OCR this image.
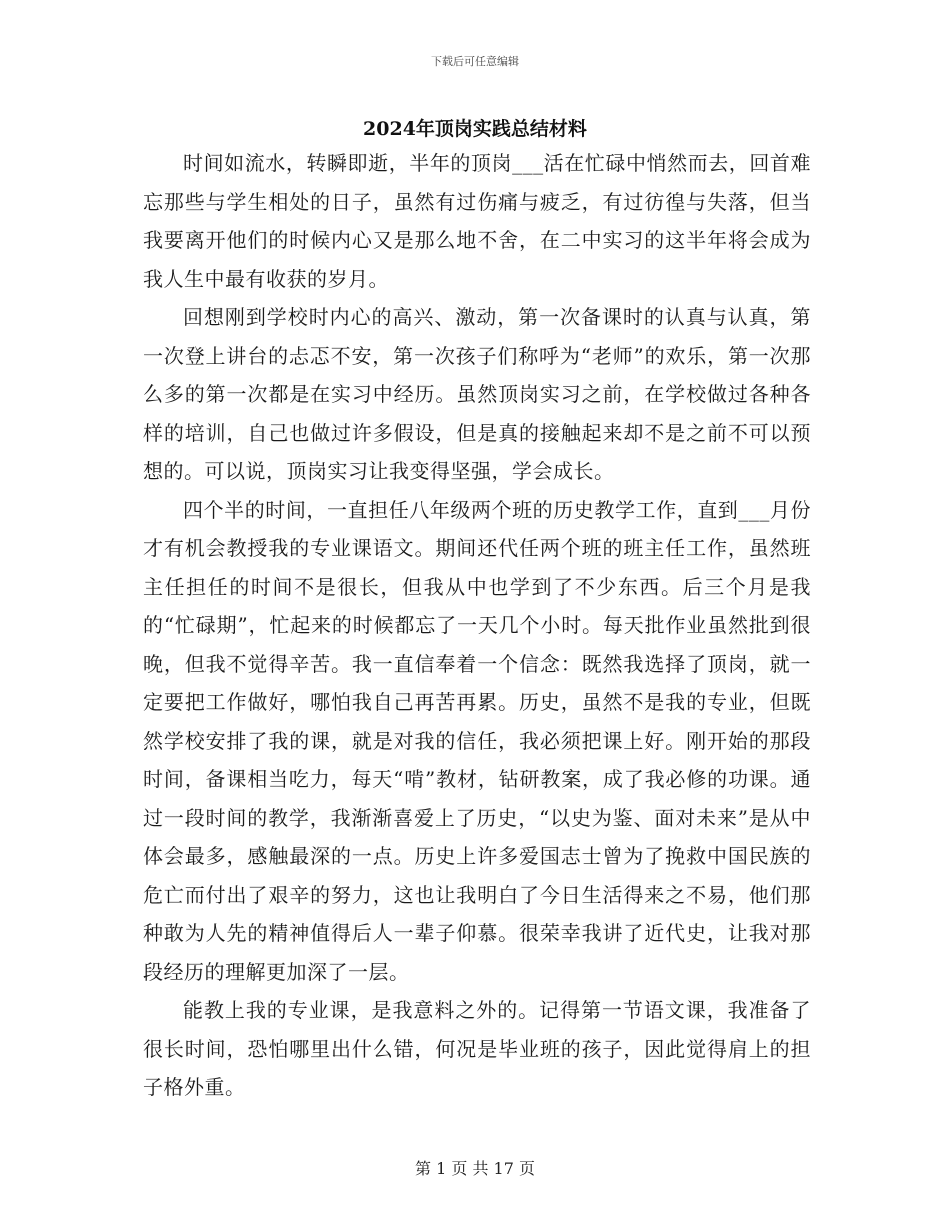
下载后可任意编辑
2024年顶岗实践总结材料

时间如流水，转瞬即逝，半年的顶岗___活在忙碌中悄然而去，回首难忘那些与学生相处的日子，虽然有过伤痛与疲乏，有过彷徨与失落，但当我要离开他们的时候内心又是那么地不舍，在二中实习的这半年将会成为我人生中最有收获的岁月。

回想刚到学校时内心的高兴、激动，第一次备课时的认真与认真，第一次登上讲台的忐忑不安，第一次孩子们称呼为“老师”的欢乐，第一次那么多的第一次都是在实习中经历。虽然顶岗实习之前，在学校做过各种各样的培训，自己也做过许多假设，但是真的接触起来却不是之前不可以预想的。可以说，顶岗实习让我变得坚强，学会成长。

四个半的时间，一直担任八年级两个班的历史教学工作，直到___月份才有机会教授我的专业课语文。期间还代任两个班的班主任工作，虽然班主任担任的时间不是很长，但我从中也学到了不少东西。后三个月是我的“忙碌期”，忙起来的时候都忘了一天几个小时。每天批作业虽然批到很晚，但我不觉得辛苦。我一直信奉着一个信念：既然我选择了顶岗，就一定要把工作做好，哪怕我自己再苦再累。历史，虽然不是我的专业，但既然学校安排了我的课，就是对我的信任，我必须把课上好。刚开始的那段时间，备课相当吃力，每天“啃”教材，钻研教案，成了我必修的功课。通过一段时间的教学，我渐渐喜爱上了历史，“以史为鉴、面对未来”是从中体会最多，感触最深的一点。历史上许多爱国志士曾为了挽救中国民族的危亡而付出了艰辛的努力，这也让我明白了今日生活得来之不易，他们那种敢为人先的精神值得后人一辈子仰慕。很荣幸我讲了近代史，让我对那段经历的理解更加深了一层。

能教上我的专业课，是我意料之外的。记得第一节语文课，我准备了很长时间，恐怕哪里出什么错，何况是毕业班的孩子，因此觉得肩上的担子格外重。

第 1 页 共 17 页
